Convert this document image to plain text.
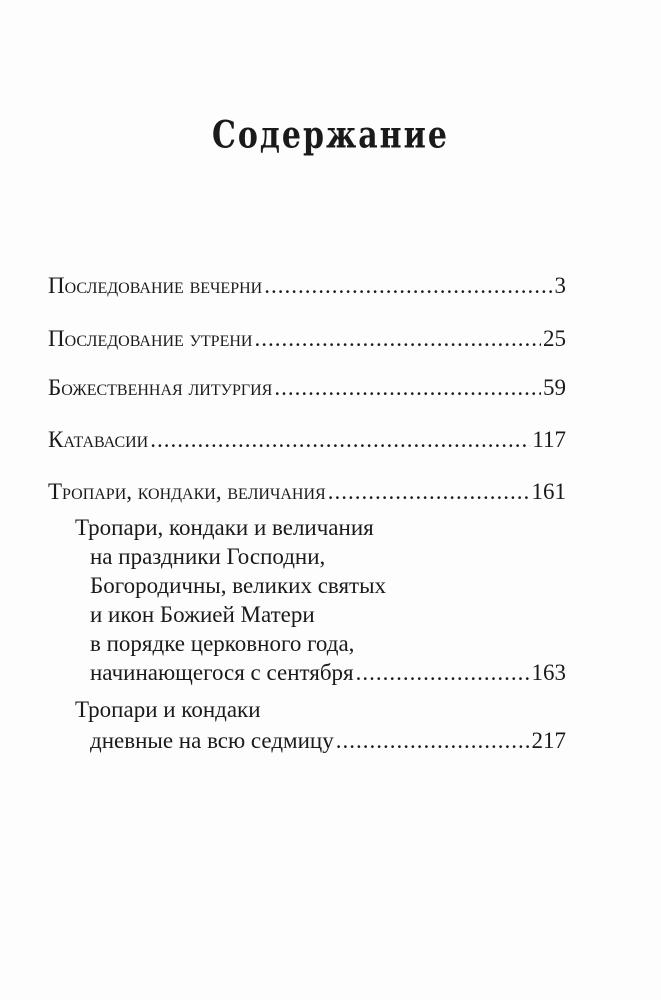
Содержание
Последование вечерни .....	3
Последование утрени .....	25
Божественная литургия .....	59
Катавасии .....	117
Тропари, кондаки, величания .....	161
Тропари, кондаки и величания
на праздники Господни,
Богородичны, великих святых
и икон Божией Матери
в порядке церковного года,
начинающегося с сентября .....	163
Тропари и кондаки
дневные на всю седмицу .....	217
